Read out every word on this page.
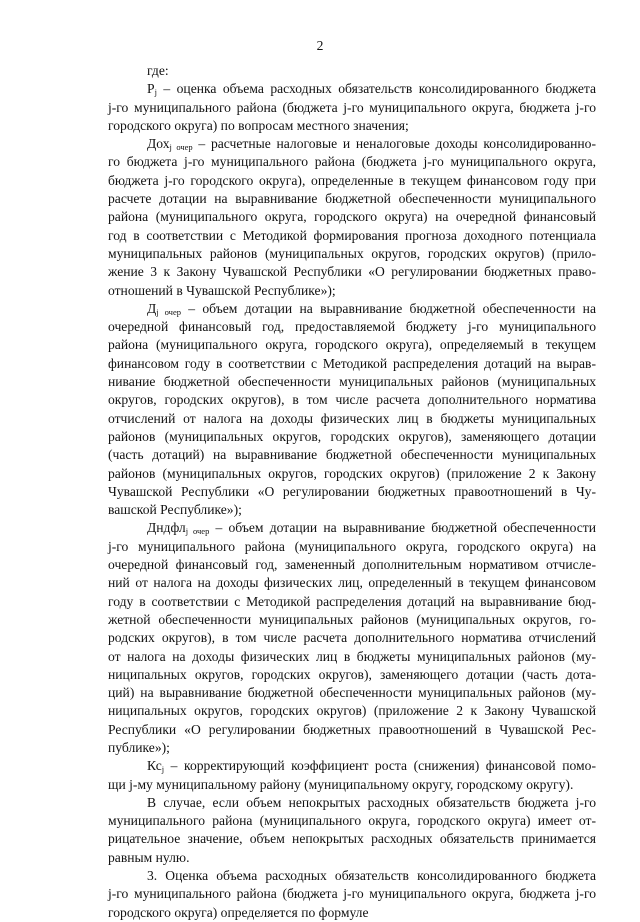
2
где:
$P_j$ – оценка объема расходных обязательств консолидированного бюджета
j-го муниципального района (бюджета j-го муниципального округа, бюджета j-го
городского округа) по вопросам местного значения;
Дох$_{j очер}$ – расчетные налоговые и неналоговые доходы консолидированно-
го бюджета j-го муниципального района (бюджета j-го муниципального округа,
бюджета j-го городского округа), определенные в текущем финансовом году при
расчете дотации на выравнивание бюджетной обеспеченности муниципального
района (муниципального округа, городского округа) на очередной финансовый
год в соответствии с Методикой формирования прогноза доходного потенциала
муниципальных районов (муниципальных округов, городских округов) (прило-
жение 3 к Закону Чувашской Республики «О регулировании бюджетных право-
отношений в Чувашской Республике»);
$Д_{j очер}$ – объем дотации на выравнивание бюджетной обеспеченности на
очередной финансовый год, предоставляемой бюджету j-го муниципального
района (муниципального округа, городского округа), определяемый в текущем
финансовом году в соответствии с Методикой распределения дотаций на вырав-
нивание бюджетной обеспеченности муниципальных районов (муниципальных
округов, городских округов), в том числе расчета дополнительного норматива
отчислений от налога на доходы физических лиц в бюджеты муниципальных
районов (муниципальных округов, городских округов), заменяющего дотации
(часть дотаций) на выравнивание бюджетной обеспеченности муниципальных
районов (муниципальных округов, городских округов) (приложение 2 к Закону
Чувашской Республики «О регулировании бюджетных правоотношений в Чу-
вашской Республике»);
Дндфл$_{j очер}$ – объем дотации на выравнивание бюджетной обеспеченности
j-го муниципального района (муниципального округа, городского округа) на
очередной финансовый год, замененный дополнительным нормативом отчисле-
ний от налога на доходы физических лиц, определенный в текущем финансовом
году в соответствии с Методикой распределения дотаций на выравнивание бюд-
жетной обеспеченности муниципальных районов (муниципальных округов, го-
родских округов), в том числе расчета дополнительного норматива отчислений
от налога на доходы физических лиц в бюджеты муниципальных районов (му-
ниципальных округов, городских округов), заменяющего дотации (часть дота-
ций) на выравнивание бюджетной обеспеченности муниципальных районов (му-
ниципальных округов, городских округов) (приложение 2 к Закону Чувашской
Республики «О регулировании бюджетных правоотношений в Чувашской Рес-
публике»);
$Кс_j$ – корректирующий коэффициент роста (снижения) финансовой помо-
щи j-му муниципальному району (муниципальному округу, городскому округу).
В случае, если объем непокрытых расходных обязательств бюджета j-го
муниципального района (муниципального округа, городского округа) имеет от-
рицательное значение, объем непокрытых расходных обязательств принимается
равным нулю.
3. Оценка объема расходных обязательств консолидированного бюджета
j-го муниципального района (бюджета j-го муниципального округа, бюджета j-го
городского округа) определяется по формуле
